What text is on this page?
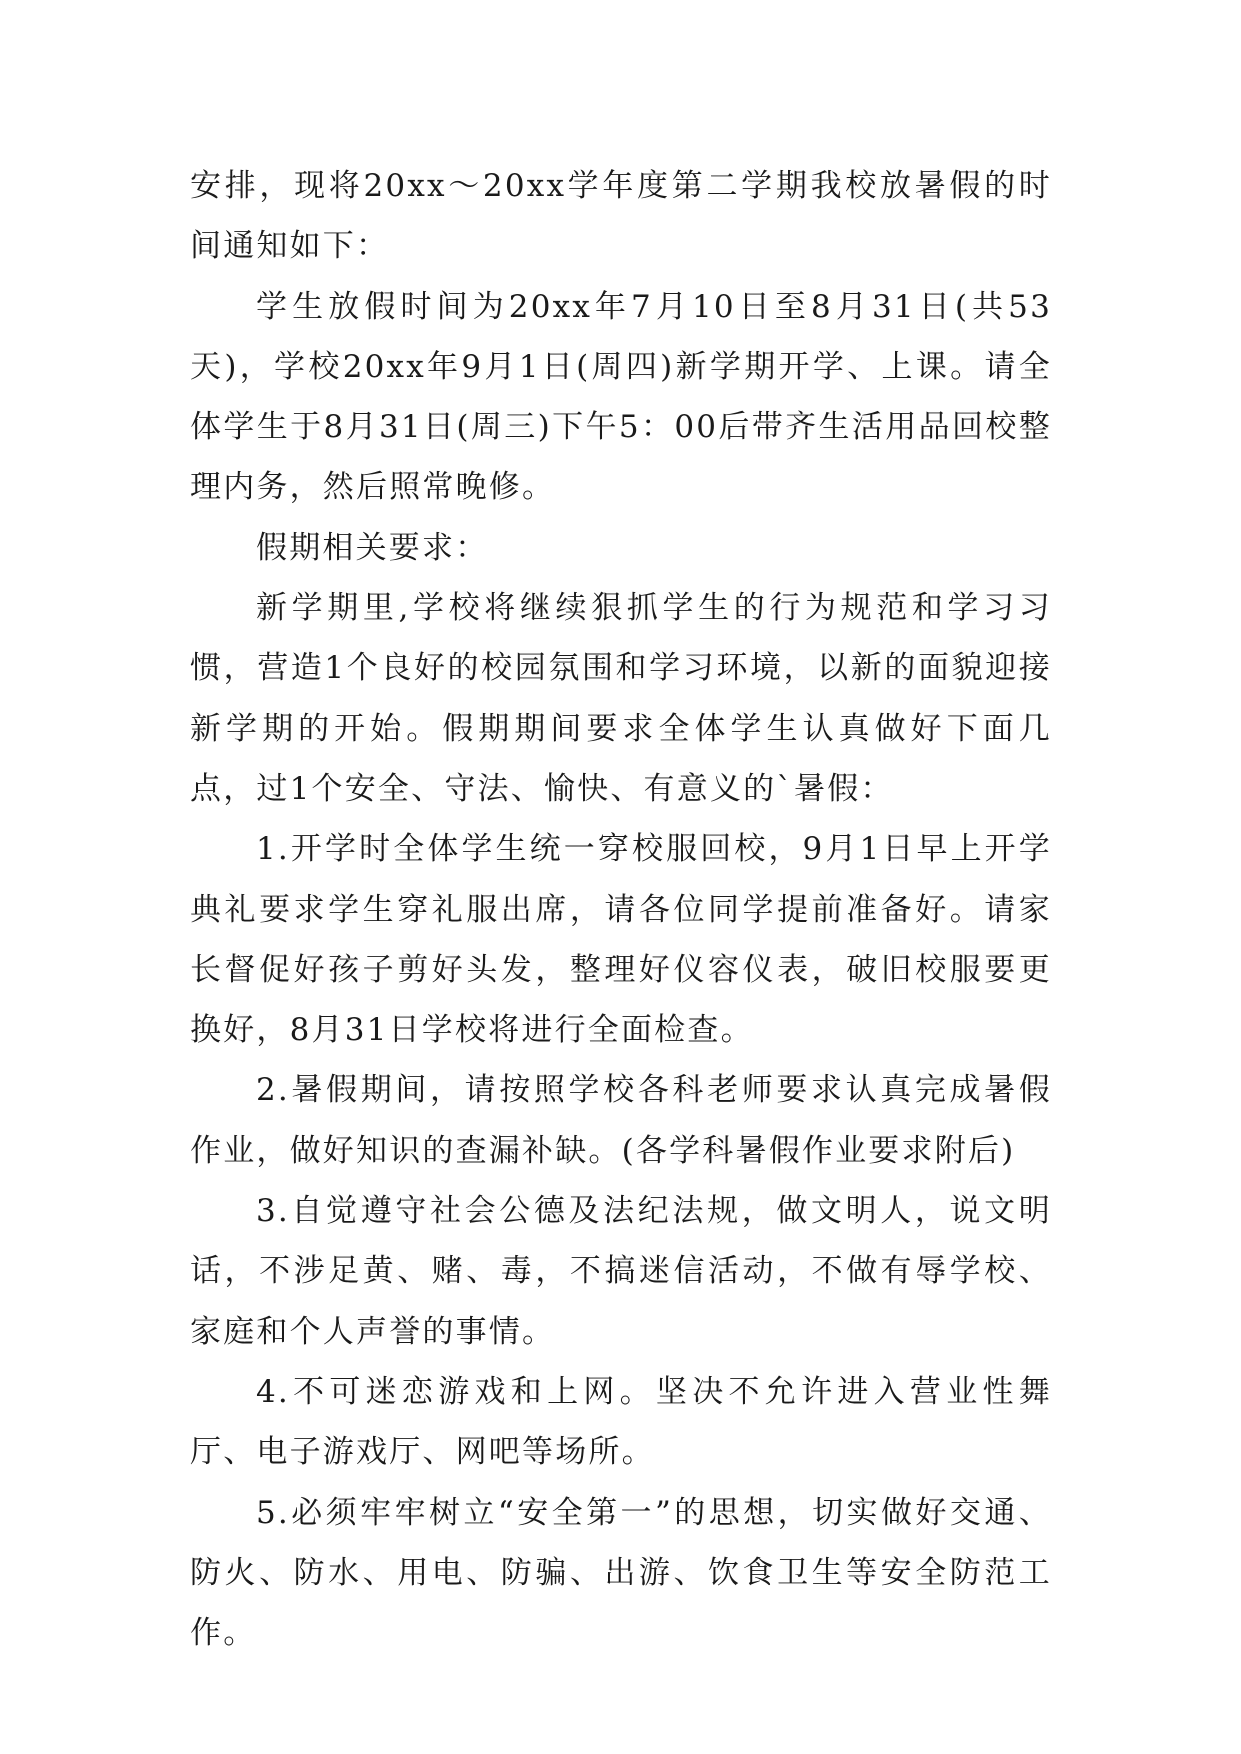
安排，现将20xx～20xx学年度第二学期我校放暑假的时间通知如下：

学生放假时间为20xx年7月10日至8月31日(共53天)，学校20xx年9月1日(周四)新学期开学、上课。请全体学生于8月31日(周三)下午5：00后带齐生活用品回校整理内务，然后照常晚修。

假期相关要求：

新学期里,学校将继续狠抓学生的行为规范和学习习惯，营造1个良好的校园氛围和学习环境，以新的面貌迎接新学期的开始。假期期间要求全体学生认真做好下面几点，过1个安全、守法、愉快、有意义的`暑假：

1.开学时全体学生统一穿校服回校，9月1日早上开学典礼要求学生穿礼服出席，请各位同学提前准备好。请家长督促好孩子剪好头发，整理好仪容仪表，破旧校服要更换好，8月31日学校将进行全面检查。

2.暑假期间，请按照学校各科老师要求认真完成暑假作业，做好知识的查漏补缺。(各学科暑假作业要求附后)

3.自觉遵守社会公德及法纪法规，做文明人，说文明话，不涉足黄、赌、毒，不搞迷信活动，不做有辱学校、家庭和个人声誉的事情。

4.不可迷恋游戏和上网。坚决不允许进入营业性舞厅、电子游戏厅、网吧等场所。

5.必须牢牢树立“安全第一”的思想，切实做好交通、防火、防水、用电、防骗、出游、饮食卫生等安全防范工作。
